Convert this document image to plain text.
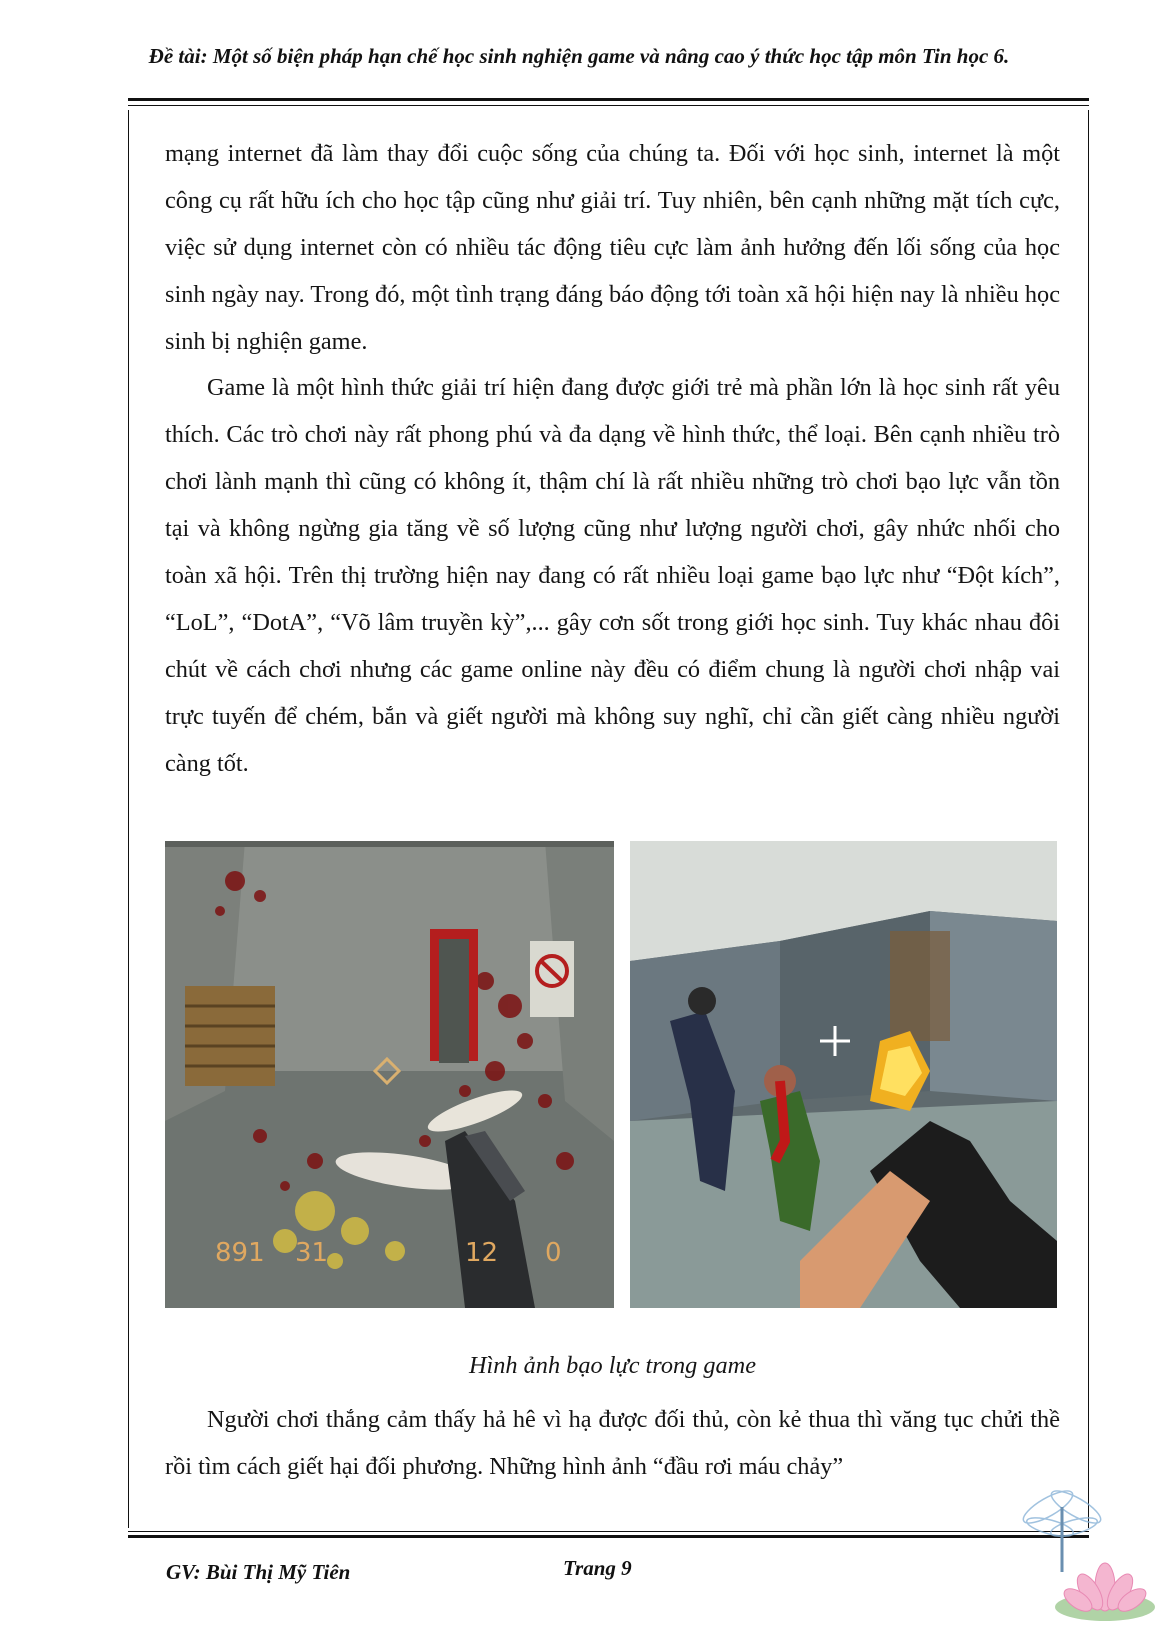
Đề tài: Một số biện pháp hạn chế học sinh nghiện game và nâng cao ý thức học tập môn Tin học 6.

mạng internet đã làm thay đổi cuộc sống của chúng ta. Đối với học sinh, internet là một công cụ rất hữu ích cho học tập cũng như giải trí. Tuy nhiên, bên cạnh những mặt tích cực, việc sử dụng internet còn có nhiều tác động tiêu cực làm ảnh hưởng đến lối sống của học sinh ngày nay. Trong đó, một tình trạng đáng báo động tới toàn xã hội hiện nay là nhiều học sinh bị nghiện game.

Game là một hình thức giải trí hiện đang được giới trẻ mà phần lớn là học sinh rất yêu thích. Các trò chơi này rất phong phú và đa dạng về hình thức, thể loại. Bên cạnh nhiều trò chơi lành mạnh thì cũng có không ít, thậm chí là rất nhiều những trò chơi bạo lực vẫn tồn tại và không ngừng gia tăng về số lượng cũng như lượng người chơi, gây nhức nhối cho toàn xã hội. Trên thị trường hiện nay đang có rất nhiều loại game bạo lực như “Đột kích”, “LoL”, “DotA”, “Võ lâm truyền kỳ”,... gây cơn sốt trong giới học sinh. Tuy khác nhau đôi chút về cách chơi nhưng các game online này đều có điểm chung là người chơi nhập vai trực tuyến để chém, bắn và giết người mà không suy nghĩ, chỉ cần giết càng nhiều người càng tốt.

891 31	12 0
Hình ảnh bạo lực trong game

Người chơi thắng cảm thấy hả hê vì hạ được đối thủ, còn kẻ thua thì văng tục chửi thề rồi tìm cách giết hại đối phương. Những hình ảnh “đầu rơi máu chảy”

GV: Bùi Thị Mỹ Tiên	Trang 9
